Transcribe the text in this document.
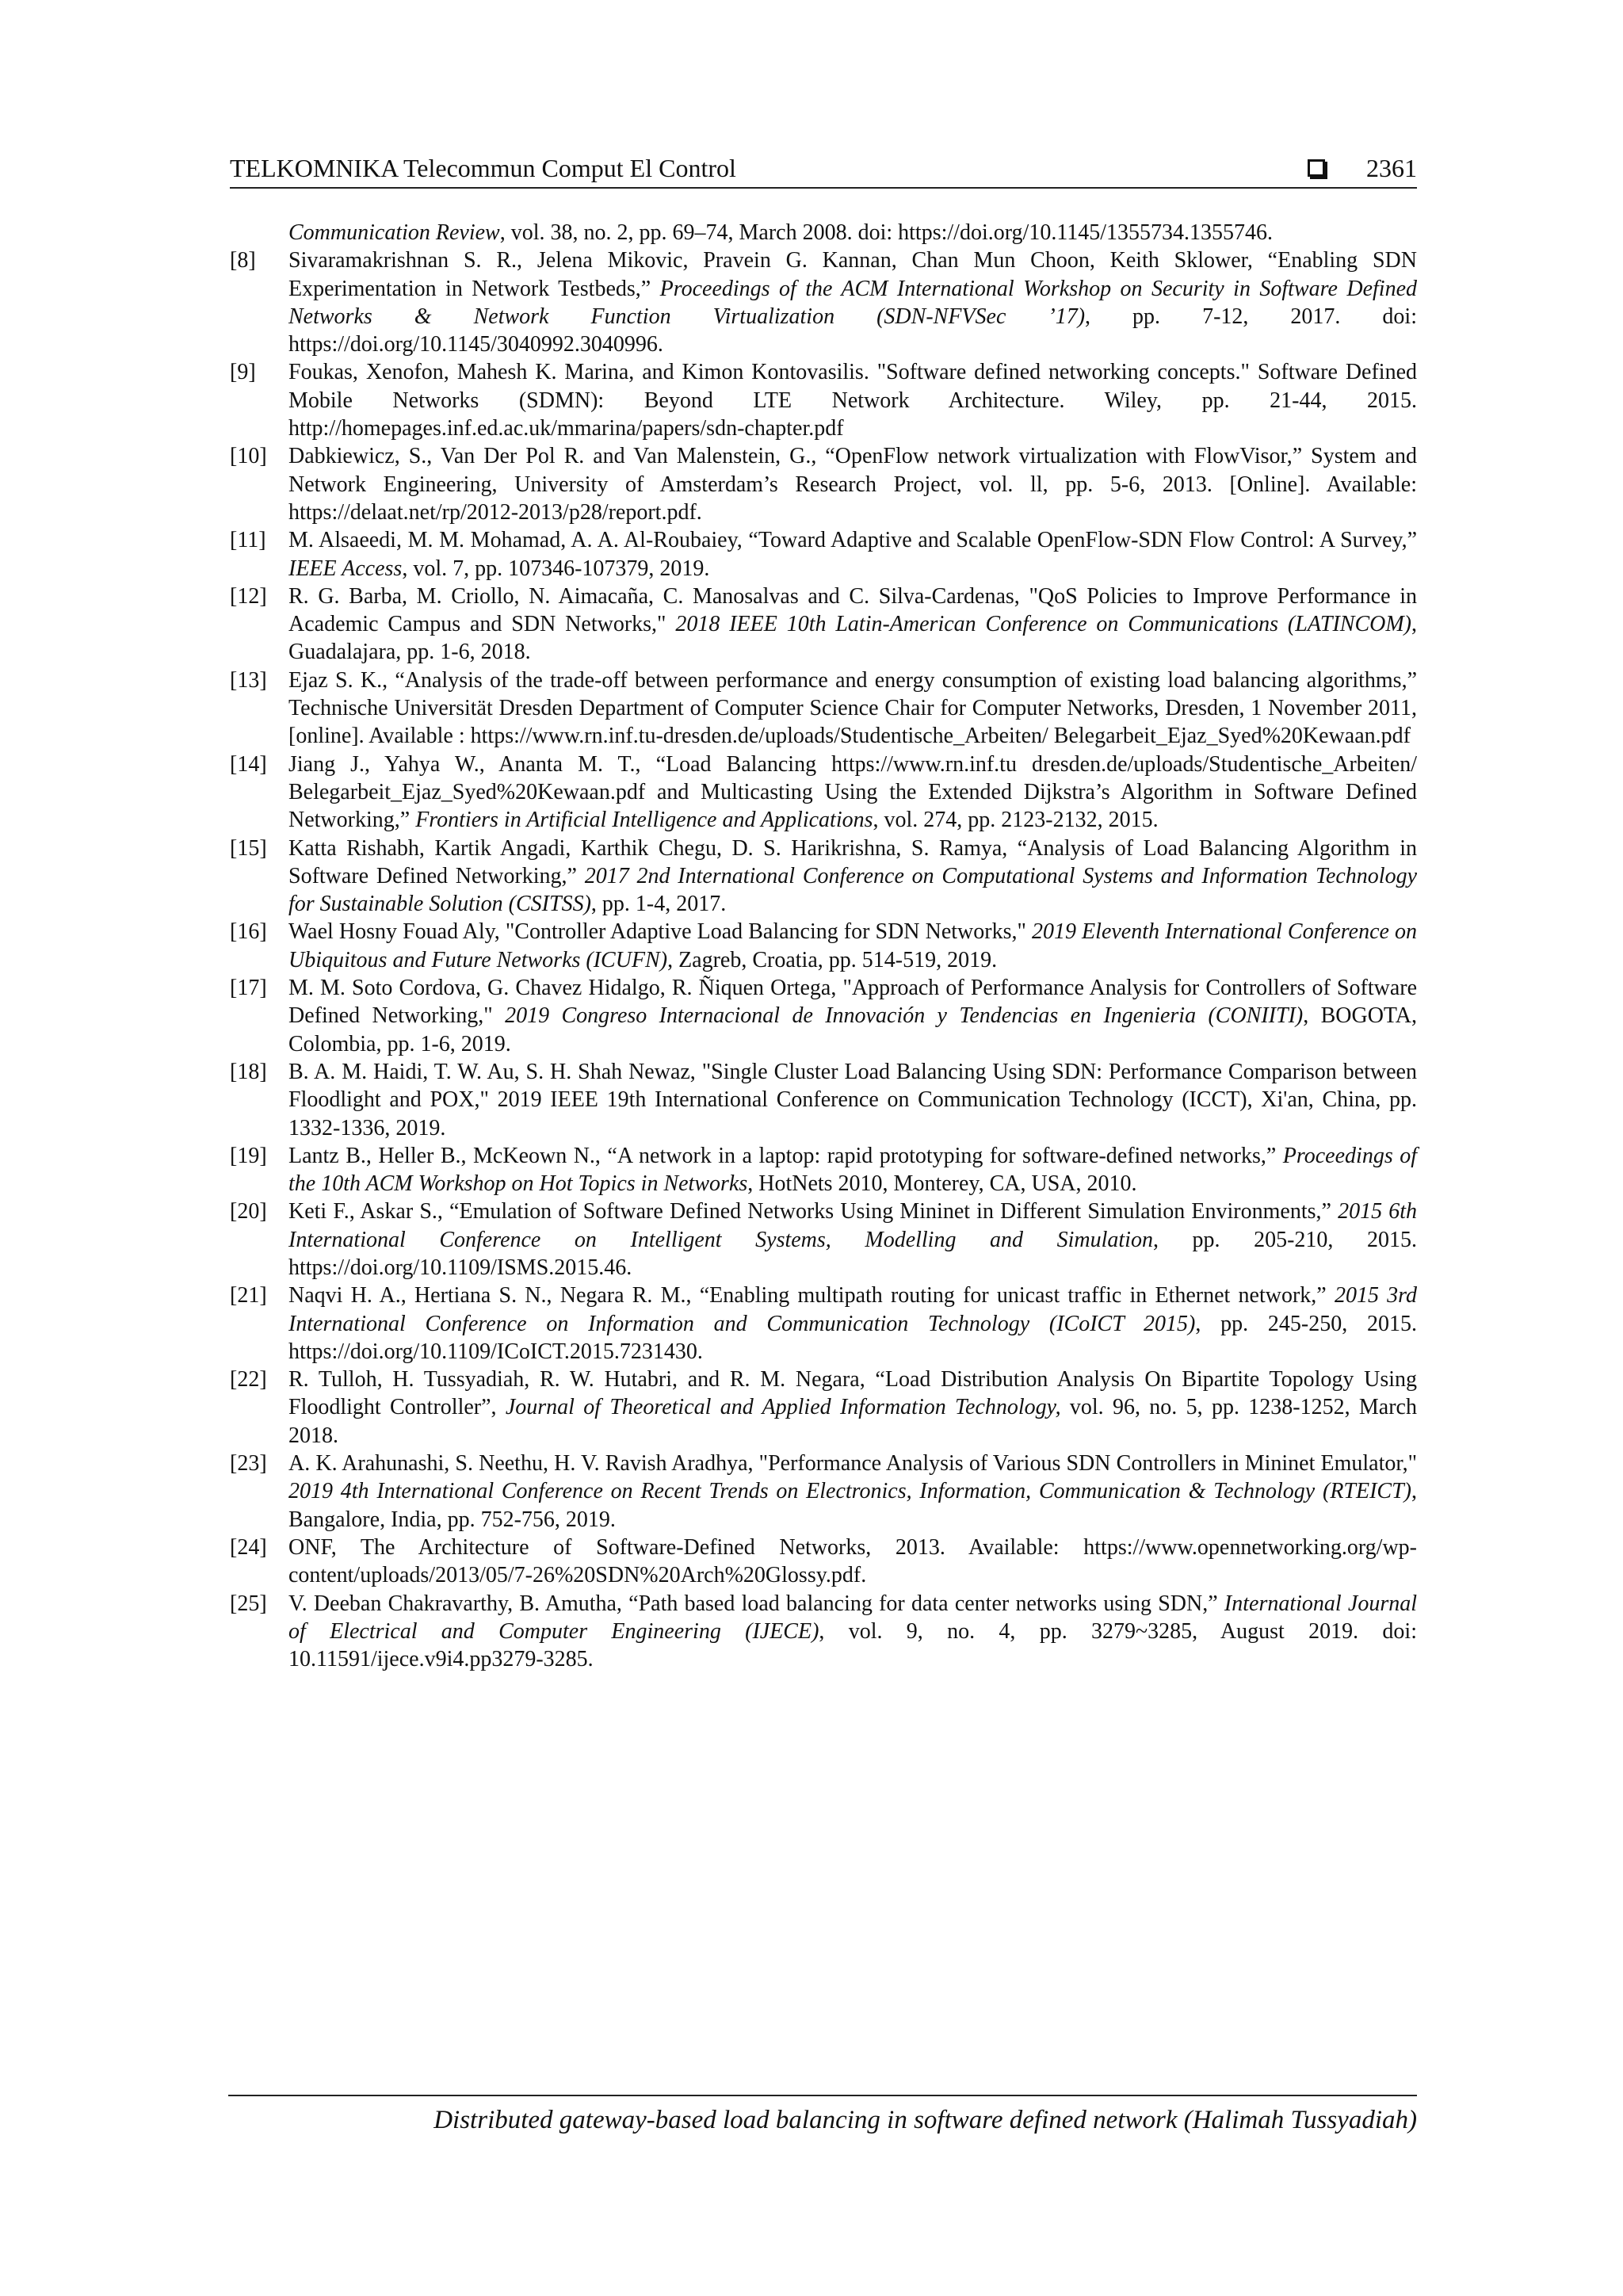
TELKOMNIKA Telecommun Comput El Control	2361
Communication Review, vol. 38, no. 2, pp. 69–74, March 2008. doi: https://doi.org/10.1145/1355734.1355746.
[8]	Sivaramakrishnan S. R., Jelena Mikovic, Pravein G. Kannan, Chan Mun Choon, Keith Sklower, “Enabling SDN Experimentation in Network Testbeds,” Proceedings of the ACM International Workshop on Security in Software Defined Networks & Network Function Virtualization (SDN-NFVSec ’17), pp. 7-12, 2017. doi: https://doi.org/10.1145/3040992.3040996.
[9]	Foukas, Xenofon, Mahesh K. Marina, and Kimon Kontovasilis. "Software defined networking concepts." Software Defined Mobile Networks (SDMN): Beyond LTE Network Architecture. Wiley, pp. 21-44, 2015. http://homepages.inf.ed.ac.uk/mmarina/papers/sdn-chapter.pdf
[10] Dabkiewicz, S., Van Der Pol R. and Van Malenstein, G., “OpenFlow network virtualization with FlowVisor,” System and Network Engineering, University of Amsterdam’s Research Project, vol. ll, pp. 5-6, 2013. [Online]. Available: https://delaat.net/rp/2012-2013/p28/report.pdf.
[11]	M. Alsaeedi, M. M. Mohamad, A. A. Al-Roubaiey, “Toward Adaptive and Scalable OpenFlow-SDN Flow Control: A Survey,” IEEE Access, vol. 7, pp. 107346-107379, 2019.
[12] R. G. Barba, M. Criollo, N. Aimacaña, C. Manosalvas and C. Silva-Cardenas, "QoS Policies to Improve Performance in Academic Campus and SDN Networks," 2018 IEEE 10th Latin-American Conference on Communications (LATINCOM), Guadalajara, pp. 1-6, 2018.
[13] Ejaz S. K., “Analysis of the trade-off between performance and energy consumption of existing load balancing algorithms,” Technische Universität Dresden Department of Computer Science Chair for Computer Networks, Dresden, 1 November 2011, [online]. Available : https://www.rn.inf.tu-dresden.de/uploads/Studentische_Arbeiten/ Belegarbeit_Ejaz_Syed%20Kewaan.pdf
[14] Jiang J., Yahya W., Ananta M. T., “Load Balancing https://www.rn.inf.tu dresden.de/uploads/Studentische_Arbeiten/ Belegarbeit_Ejaz_Syed%20Kewaan.pdf and Multicasting Using the Extended Dijkstra’s Algorithm in Software Defined Networking,” Frontiers in Artificial Intelligence and Applications, vol. 274, pp. 2123-2132, 2015.
[15] Katta Rishabh, Kartik Angadi, Karthik Chegu, D. S. Harikrishna, S. Ramya, “Analysis of Load Balancing Algorithm in Software Defined Networking,” 2017 2nd International Conference on Computational Systems and Information Technology for Sustainable Solution (CSITSS), pp. 1-4, 2017.
[16] Wael Hosny Fouad Aly, "Controller Adaptive Load Balancing for SDN Networks," 2019 Eleventh International Conference on Ubiquitous and Future Networks (ICUFN), Zagreb, Croatia, pp. 514-519, 2019.
[17] M. M. Soto Cordova, G. Chavez Hidalgo, R. Ñiquen Ortega, "Approach of Performance Analysis for Controllers of Software Defined Networking," 2019 Congreso Internacional de Innovación y Tendencias en Ingenieria (CONIITI), BOGOTA, Colombia, pp. 1-6, 2019.
[18] B. A. M. Haidi, T. W. Au, S. H. Shah Newaz, "Single Cluster Load Balancing Using SDN: Performance Comparison between Floodlight and POX," 2019 IEEE 19th International Conference on Communication Technology (ICCT), Xi'an, China, pp. 1332-1336, 2019.
[19] Lantz B., Heller B., McKeown N., “A network in a laptop: rapid prototyping for software-defined networks,” Proceedings of the 10th ACM Workshop on Hot Topics in Networks, HotNets 2010, Monterey, CA, USA, 2010.
[20] Keti F., Askar S., “Emulation of Software Defined Networks Using Mininet in Different Simulation Environments,” 2015 6th International Conference on Intelligent Systems, Modelling and Simulation, pp. 205-210, 2015. https://doi.org/10.1109/ISMS.2015.46.
[21] Naqvi H. A., Hertiana S. N., Negara R. M., “Enabling multipath routing for unicast traffic in Ethernet network,” 2015 3rd International Conference on Information and Communication Technology (ICoICT 2015), pp. 245-250, 2015. https://doi.org/10.1109/ICoICT.2015.7231430.
[22] R. Tulloh, H. Tussyadiah, R. W. Hutabri, and R. M. Negara, “Load Distribution Analysis On Bipartite Topology Using Floodlight Controller”, Journal of Theoretical and Applied Information Technology, vol. 96, no. 5, pp. 1238-1252, March 2018.
[23] A. K. Arahunashi, S. Neethu, H. V. Ravish Aradhya, "Performance Analysis of Various SDN Controllers in Mininet Emulator," 2019 4th International Conference on Recent Trends on Electronics, Information, Communication & Technology (RTEICT), Bangalore, India, pp. 752-756, 2019.
[24] ONF, The Architecture of Software-Defined Networks, 2013. Available: https://www.opennetworking.org/wp-content/uploads/2013/05/7-26%20SDN%20Arch%20Glossy.pdf.
[25] V. Deeban Chakravarthy, B. Amutha, “Path based load balancing for data center networks using SDN,” International Journal of Electrical and Computer Engineering (IJECE), vol. 9, no. 4, pp. 3279~3285, August 2019. doi: 10.11591/ijece.v9i4.pp3279-3285.
Distributed gateway-based load balancing in software defined network (Halimah Tussyadiah)
